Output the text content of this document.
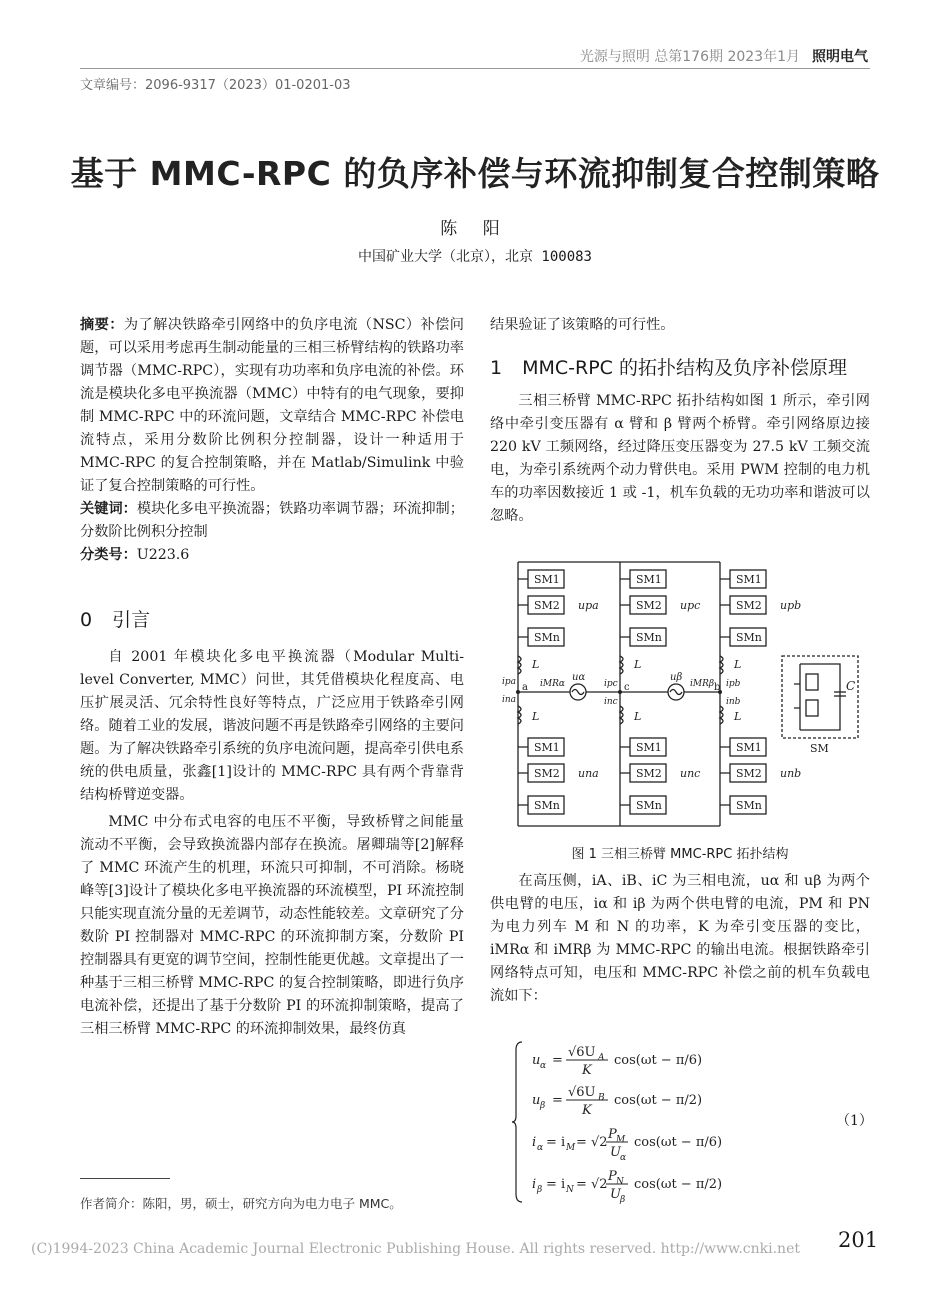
光源与照明 总第176期 2023年1月 照明电气
文章编号：2096-9317（2023）01-0201-03
基于 MMC-RPC 的负序补偿与环流抑制复合控制策略
陈 阳
中国矿业大学（北京），北京 100083

摘要：为了解决铁路牵引网络中的负序电流（NSC）补偿问题，可以采用考虑再生制动能量的三相三桥臂结构的铁路功率调节器（MMC-RPC），实现有功功率和负序电流的补偿。环流是模块化多电平换流器（MMC）中特有的电气现象，要抑制 MMC-RPC 中的环流问题，文章结合 MMC-RPC 补偿电流特点，采用分数阶比例积分控制器，设计一种适用于 MMC-RPC 的复合控制策略，并在 Matlab/Simulink 中验证了复合控制策略的可行性。

关键词：模块化多电平换流器；铁路功率调节器；环流抑制；分数阶比例积分控制

分类号：U223.6

0 引言

自 2001 年模块化多电平换流器（Modular Multi-level Converter, MMC）问世，其凭借模块化程度高、电压扩展灵活、冗余特性良好等特点，广泛应用于铁路牵引网络。随着工业的发展，谐波问题不再是铁路牵引网络的主要问题。为了解决铁路牵引系统的负序电流问题，提高牵引供电系统的供电质量，张鑫[1]设计的 MMC-RPC 具有两个背靠背结构桥臂逆变器。

MMC 中分布式电容的电压不平衡，导致桥臂之间能量流动不平衡，会导致换流器内部存在换流。屠卿瑞等[2]解释了 MMC 环流产生的机理，环流只可抑制，不可消除。杨晓峰等[3]设计了模块化多电平换流器的环流模型，PI 环流控制只能实现直流分量的无差调节，动态性能较差。文章研究了分数阶 PI 控制器对 MMC-RPC 的环流抑制方案，分数阶 PI 控制器具有更宽的调节空间，控制性能更优越。文章提出了一种基于三相三桥臂 MMC-RPC 的复合控制策略，即进行负序电流补偿，还提出了基于分数阶 PI 的环流抑制策略，提高了三相三桥臂 MMC-RPC 的环流抑制效果，最终仿真

结果验证了该策略的可行性。

1 MMC-RPC 的拓扑结构及负序补偿原理

三相三桥臂 MMC-RPC 拓扑结构如图 1 所示，牵引网络中牵引变压器有 α 臂和 β 臂两个桥臂。牵引网络原边接 220 kV 工频网络，经过降压变压器变为 27.5 kV 工频交流电，为牵引系统两个动力臂供电。采用 PWM 控制的电力机车的功率因数接近 1 或 -1，机车负载的无功功率和谐波可以忽略。

SM1
SM2
SMn
SM1
SM2
SMn
SM1
SM2
SMn
SM1
SM2
SMn
SM1
SM2
SMn
SM1
SM2
SMn
upa	upc	upb
una	unc	unb
L	L	L
L	L	L
a	c	b
ipa
ina
iMRα	ipc
inc
iMRβ ipb
inb
uα	uβ
C
SM
图 1 三相三桥臂 MMC-RPC 拓扑结构

在高压侧，iA、iB、iC 为三相电流，uα 和 uβ 为两个供电臂的电压，iα 和 iβ 为两个供电臂的电流，PM 和 PN 为电力列车 M 和 N 的功率，K 为牵引变压器的变比，iMRα 和 iMRβ 为 MMC-RPC 的输出电流。根据铁路牵引网络特点可知，电压和 MMC-RPC 补偿之前的机车负载电流如下：

u α =
√6U A
K
cos(ωt − π/6)
u β =
√6U B
K
cos(ωt − π/2)
i α = i M = √2
P M
U α
cos(ωt − π/6)
i β = i N = √2
P N
U β
cos(ωt − π/2)
（1）
作者简介：陈阳，男，硕士，研究方向为电力电子 MMC。
(C)1994-2023 China Academic Journal Electronic Publishing House. All rights reserved. http://www.cnki.net 201
